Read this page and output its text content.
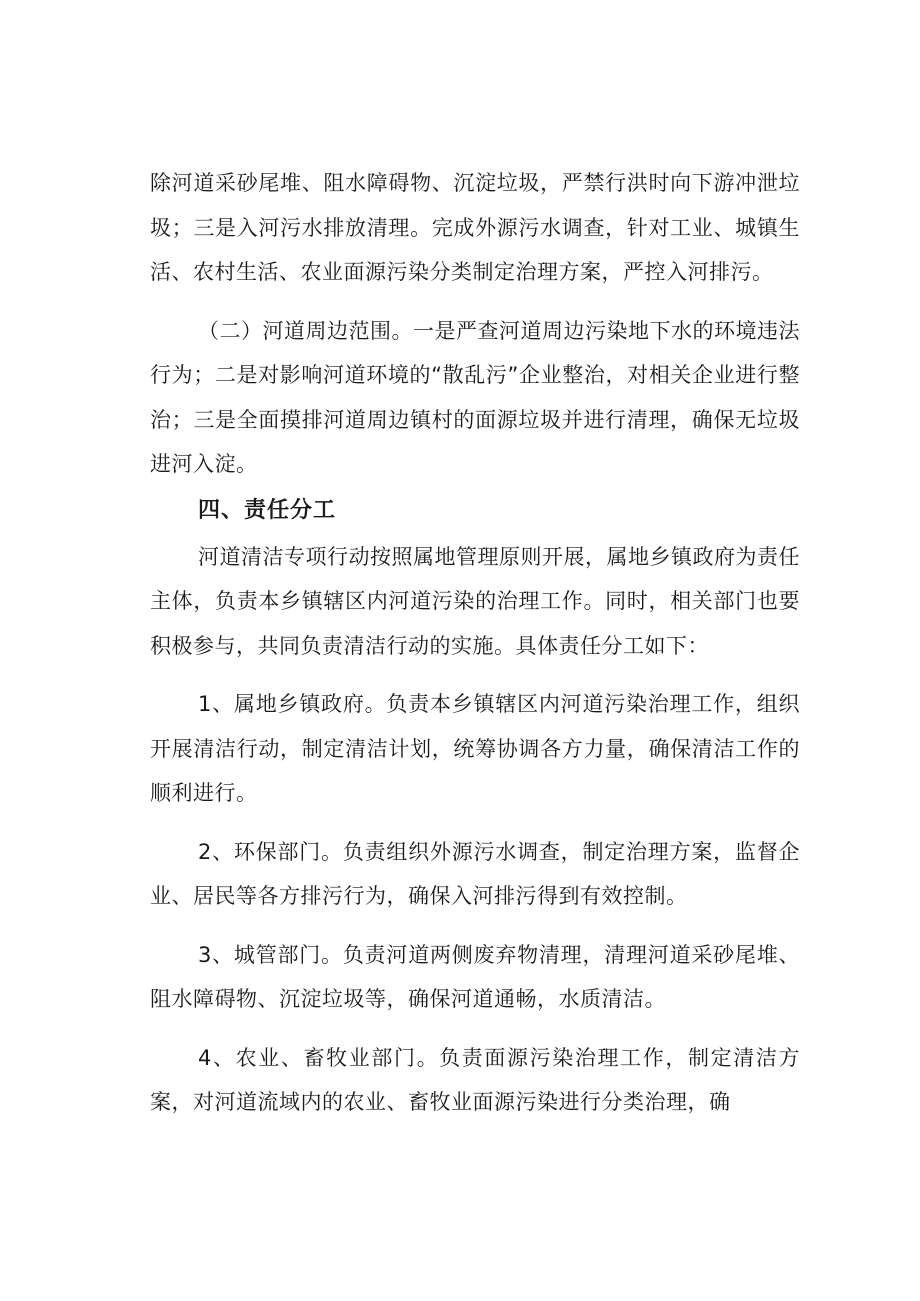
除河道采砂尾堆、阻水障碍物、沉淀垃圾，严禁行洪时向下游冲泄垃圾；三是入河污水排放清理。完成外源污水调查，针对工业、城镇生活、农村生活、农业面源污染分类制定治理方案，严控入河排污。

（二）河道周边范围。一是严查河道周边污染地下水的环境违法行为；二是对影响河道环境的“散乱污”企业整治，对相关企业进行整治；三是全面摸排河道周边镇村的面源垃圾并进行清理，确保无垃圾进河入淀。

四、责任分工

河道清洁专项行动按照属地管理原则开展，属地乡镇政府为责任主体，负责本乡镇辖区内河道污染的治理工作。同时，相关部门也要积极参与，共同负责清洁行动的实施。具体责任分工如下：

1、属地乡镇政府。负责本乡镇辖区内河道污染治理工作，组织开展清洁行动，制定清洁计划，统筹协调各方力量，确保清洁工作的顺利进行。

2、环保部门。负责组织外源污水调查，制定治理方案，监督企业、居民等各方排污行为，确保入河排污得到有效控制。

3、城管部门。负责河道两侧废弃物清理，清理河道采砂尾堆、阻水障碍物、沉淀垃圾等，确保河道通畅，水质清洁。

4、农业、畜牧业部门。负责面源污染治理工作，制定清洁方案，对河道流域内的农业、畜牧业面源污染进行分类治理，确
